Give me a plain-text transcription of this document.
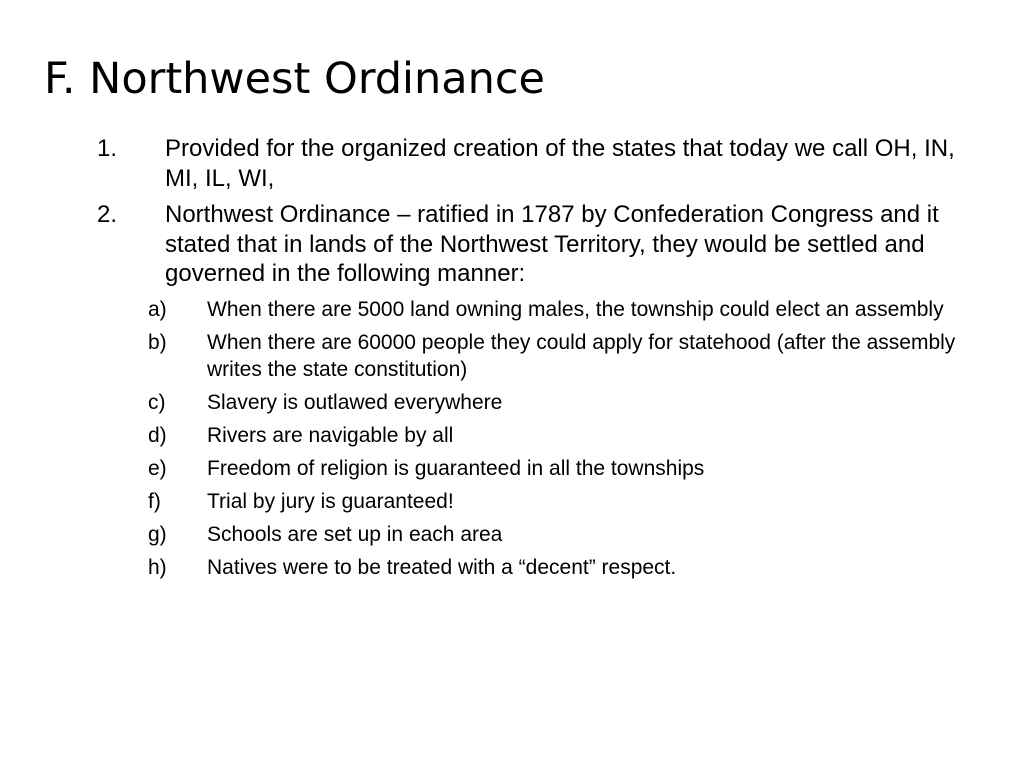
F. Northwest Ordinance
1. Provided for the organized creation of the states that today we call OH, IN, MI, IL, WI,
2. Northwest Ordinance – ratified in 1787 by Confederation Congress and it stated that in lands of the Northwest Territory, they would be settled and governed in the following manner:
a) When there are 5000 land owning males, the township could elect an assembly
b) When there are 60000 people they could apply for statehood (after the assembly writes the state constitution)
c) Slavery is outlawed everywhere
d) Rivers are navigable by all
e) Freedom of religion is guaranteed in all the townships
f) Trial by jury is guaranteed!
g) Schools are set up in each area
h) Natives were to be treated with a “decent” respect.
